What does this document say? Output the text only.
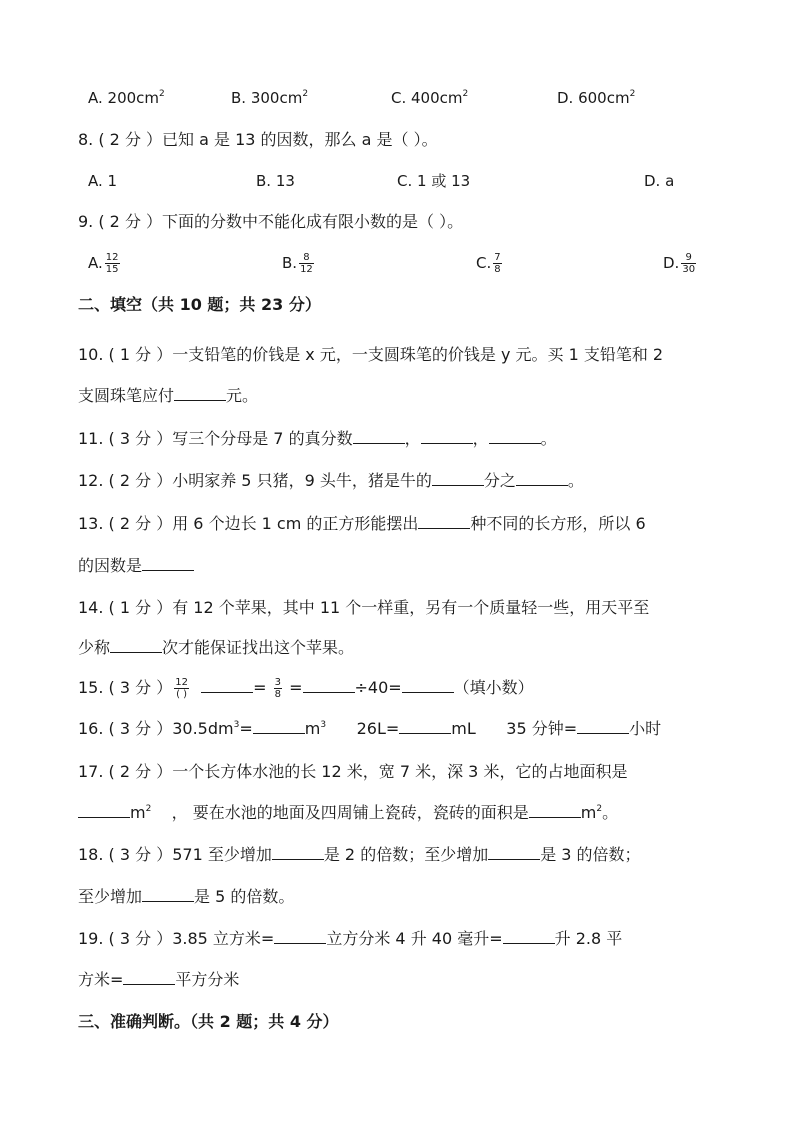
A. $200cm^2$	B. $300cm^2$	C. $400cm^2$	D. $600cm^2$
8. ( 2 分 ）已知 a 是 13 的因数，那么 a 是（ ）。
A. 1	B. 13	C. 1 或 13	D. a
9. ( 2 分 ）下面的分数中不能化成有限小数的是（ ）。
A. $\frac{12}{15}$	B. $\frac{8}{12}$	C. $\frac{7}{8}$	D. $\frac{9}{30}$
二、填空（共 10 题；共 23 分）
10. ( 1 分 ）一支铅笔的价钱是 x 元，一支圆珠笔的价钱是 y 元。买 1 支铅笔和 2
支圆珠笔应付	元。
11. ( 3 分 ）写三个分母是 7 的真分数	，	，	。
12. ( 2 分 ）小明家养 5 只猪，9 头牛，猪是牛的	分之	。
13. ( 2 分 ）用 6 个边长 1 cm 的正方形能摆出	种不同的长方形，所以 6
的因数是
14. ( 1 分 ）有 12 个苹果，其中 11 个一样重，另有一个质量轻一些，用天平至
少称	次才能保证找出这个苹果。
15. ( 3 分 ） $\frac{12}{( )}$	= $\frac{3}{8}$ =	÷40=	（填小数）
16. ( 3 分 ）$30.5dm^3=$	$m^3$ 26L=	mL 35 分钟=	小时
17. ( 2 分 ）一个长方体水池的长 12 米，宽 7 米，深 3 米，它的占地面积是
$m^2$ ， 要在水池的地面及四周铺上瓷砖，瓷砖的面积是	$m^2$。
18. ( 3 分 ）571 至少增加	是 2 的倍数；至少增加	是 3 的倍数；
至少增加	是 5 的倍数。
19. ( 3 分 ）3.85 立方米=	立方分米 4 升 40 毫升=	升 2.8 平
方米=	平方分米
三、准确判断。（共 2 题；共 4 分）
